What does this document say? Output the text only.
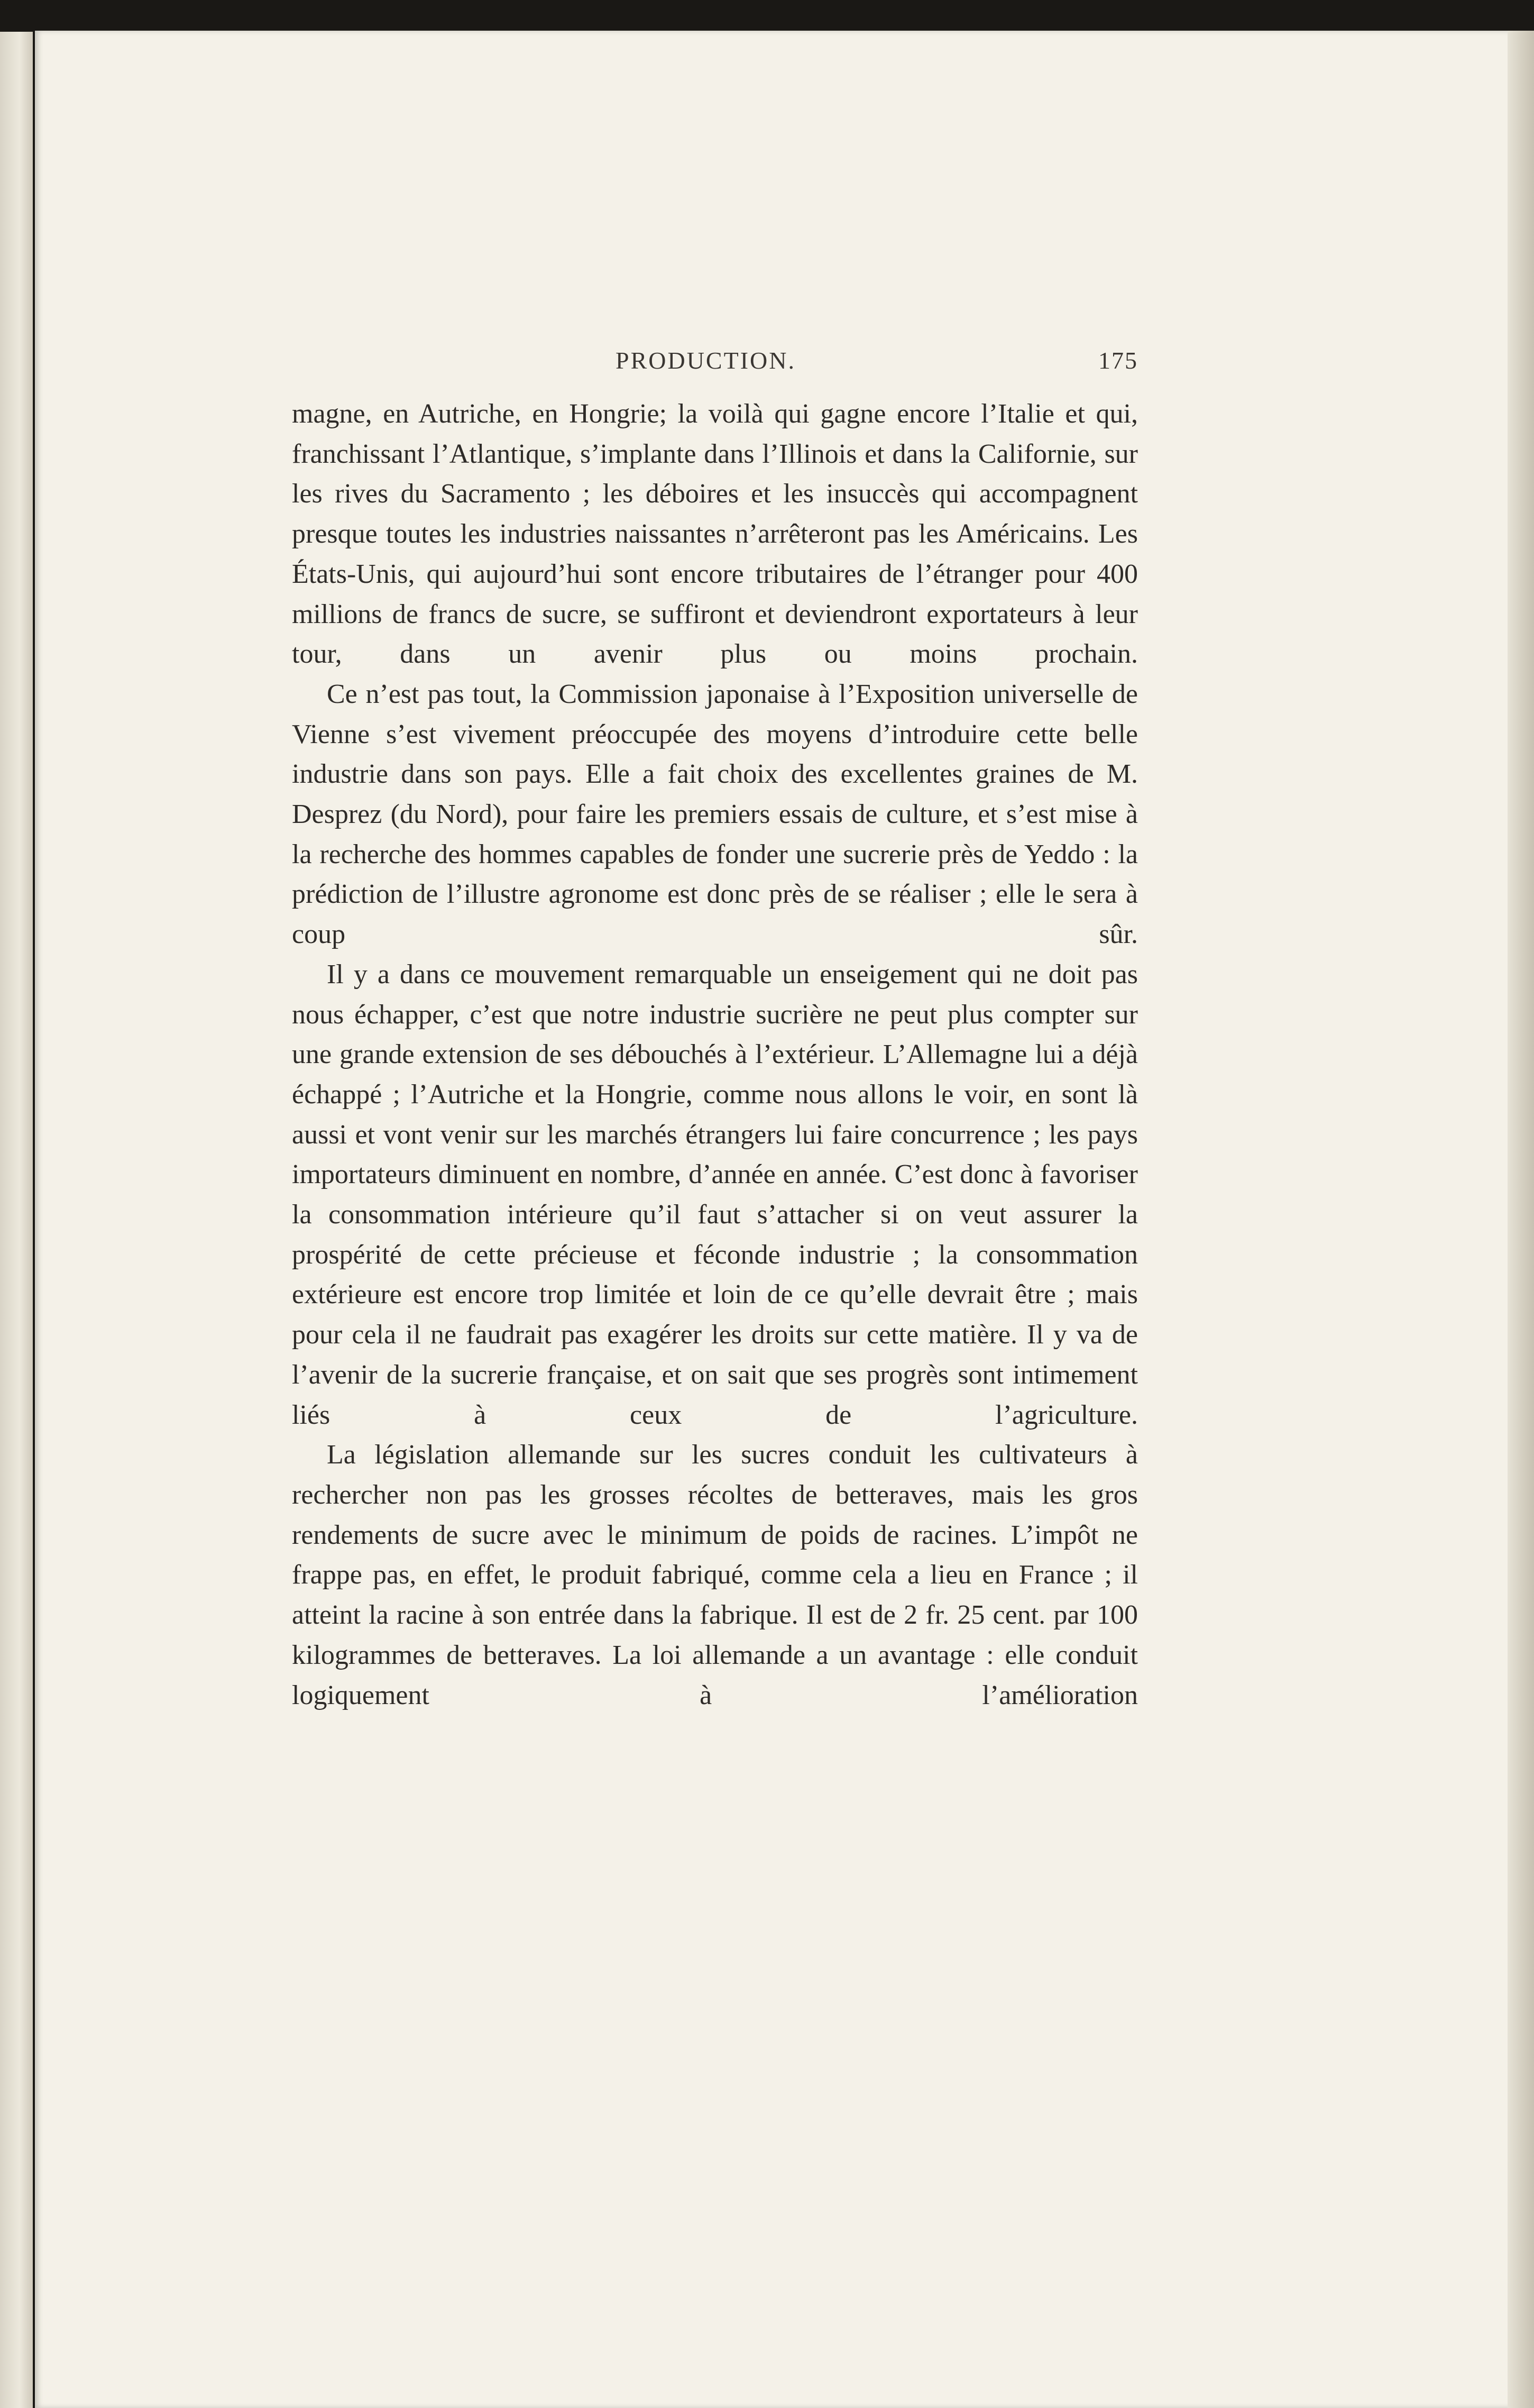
PRODUCTION.	175

magne, en Autriche, en Hongrie; la voilà qui gagne encore l’Italie et qui, franchissant l’Atlantique, s’implante dans l’Illinois et dans la Californie, sur les rives du Sacramento ; les déboires et les insuccès qui accompagnent presque toutes les industries naissantes n’arrêteront pas les Américains. Les États-Unis, qui aujourd’hui sont encore tributaires de l’étranger pour 400 millions de francs de sucre, se suffiront et deviendront exportateurs à leur tour, dans un avenir plus ou moins prochain.

Ce n’est pas tout, la Commission japonaise à l’Exposition universelle de Vienne s’est vivement préoccupée des moyens d’introduire cette belle industrie dans son pays. Elle a fait choix des excellentes graines de M. Desprez (du Nord), pour faire les premiers essais de culture, et s’est mise à la recherche des hommes capables de fonder une sucrerie près de Yeddo : la prédiction de l’illustre agronome est donc près de se réaliser ; elle le sera à coup sûr.

Il y a dans ce mouvement remarquable un enseigement qui ne doit pas nous échapper, c’est que notre industrie sucrière ne peut plus compter sur une grande extension de ses débouchés à l’extérieur. L’Allemagne lui a déjà échappé ; l’Autriche et la Hongrie, comme nous allons le voir, en sont là aussi et vont venir sur les marchés étrangers lui faire concurrence ; les pays importateurs diminuent en nombre, d’année en année. C’est donc à favoriser la consommation intérieure qu’il faut s’attacher si on veut assurer la prospérité de cette précieuse et féconde industrie ; la consommation extérieure est encore trop limitée et loin de ce qu’elle devrait être ; mais pour cela il ne faudrait pas exagérer les droits sur cette matière. Il y va de l’avenir de la sucrerie française, et on sait que ses progrès sont intimement liés à ceux de l’agriculture.

La législation allemande sur les sucres conduit les cultivateurs à rechercher non pas les grosses récoltes de betteraves, mais les gros rendements de sucre avec le minimum de poids de racines. L’impôt ne frappe pas, en effet, le produit fabriqué, comme cela a lieu en France ; il atteint la racine à son entrée dans la fabrique. Il est de 2 fr. 25 cent. par 100 kilogrammes de betteraves. La loi allemande a un avantage : elle conduit logiquement à l’amélioration
